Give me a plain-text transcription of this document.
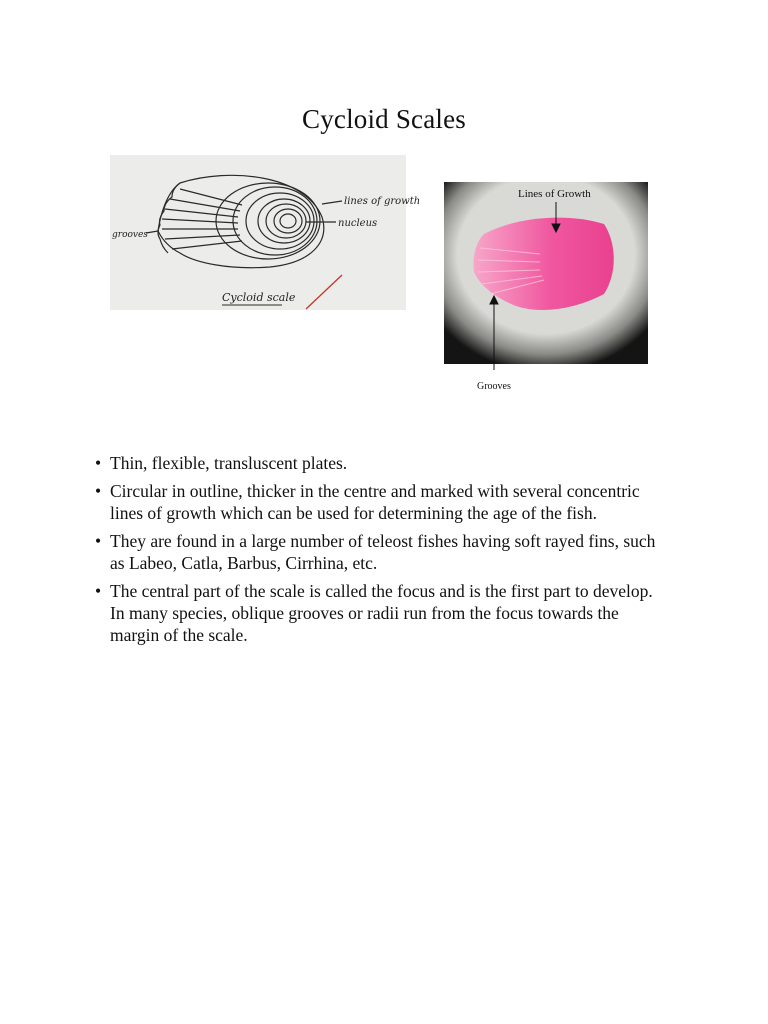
Cycloid Scales
lines of growth
nucleus
grooves
Cycloid scale
Lines of Growth
Grooves
• Thin, flexible, transluscent plates.
• Circular in outline, thicker in the centre and marked with several concentric lines of growth which can be used for determining the age of the fish.
• They are found in a large number of teleost fishes having soft rayed fins, such as Labeo, Catla, Barbus, Cirrhina, etc.
• The central part of the scale is called the focus and is the first part to develop. In many species, oblique grooves or radii run from the focus towards the margin of the scale.
